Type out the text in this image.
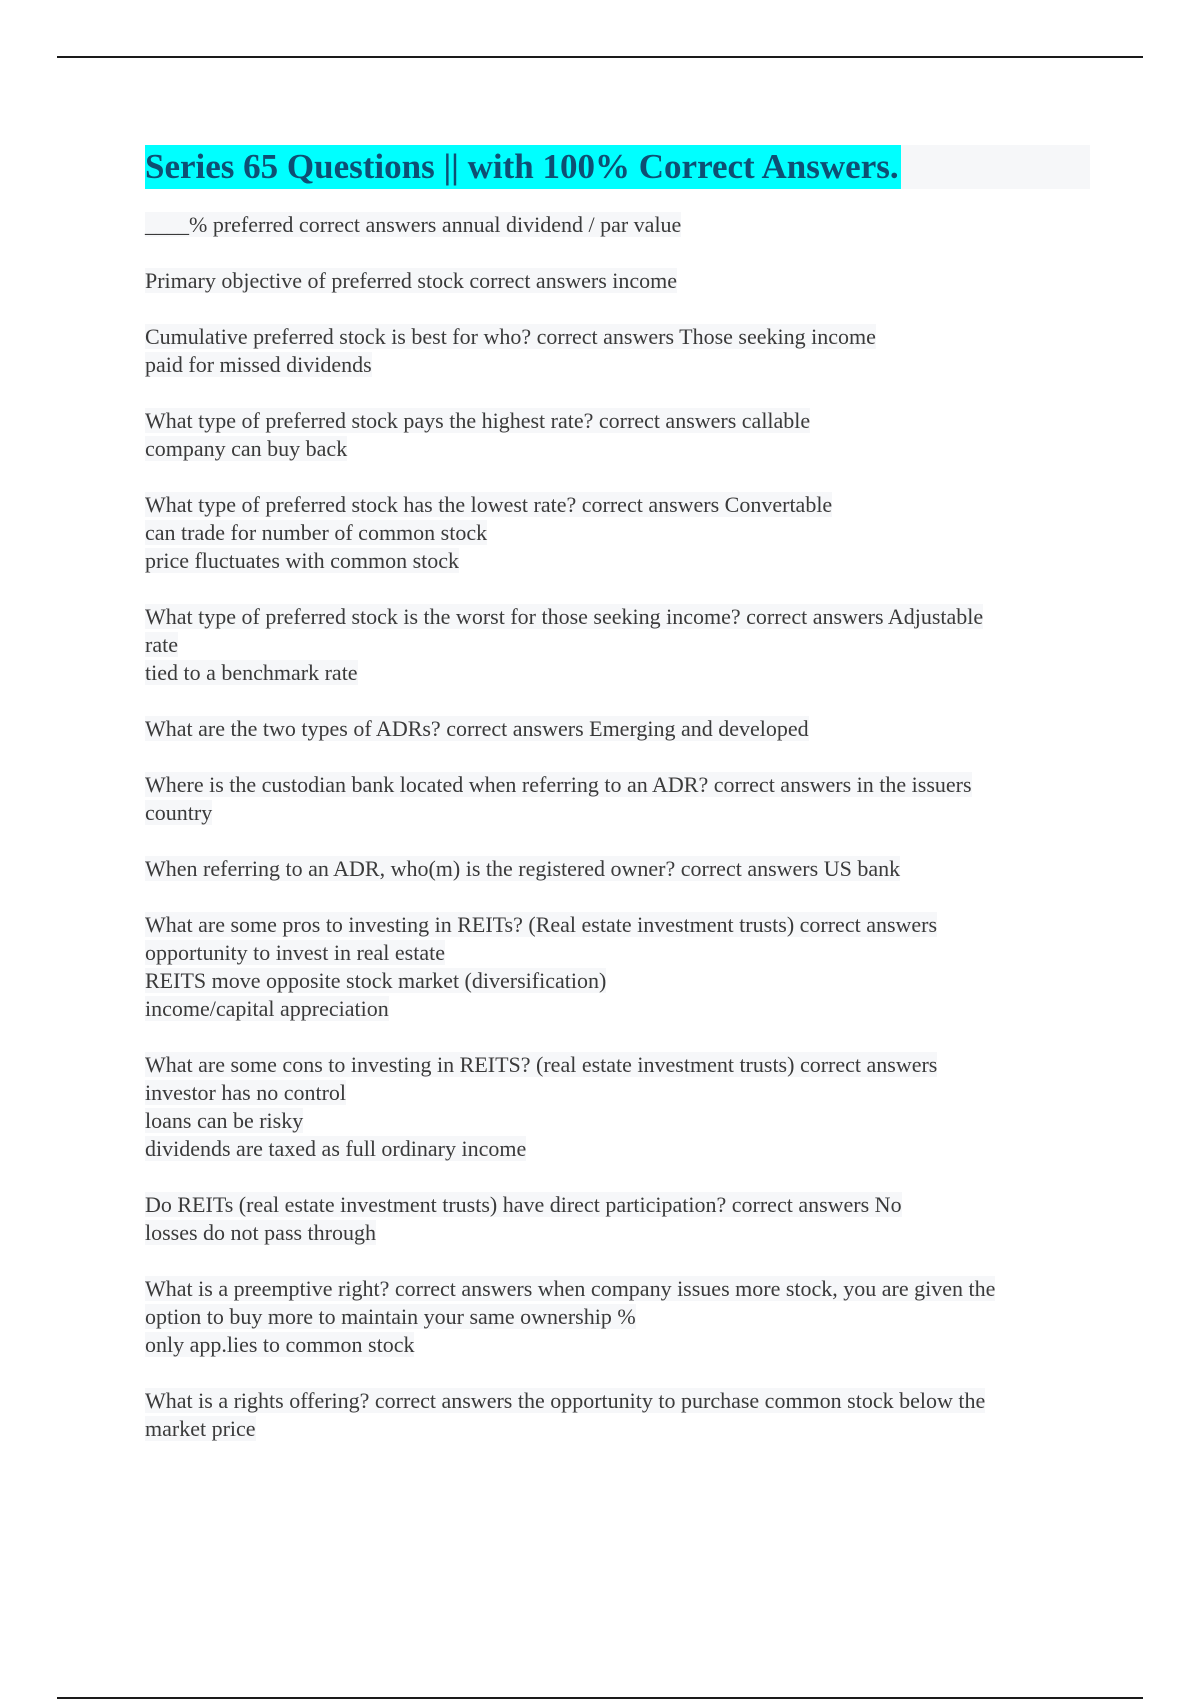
Series 65 Questions || with 100% Correct Answers.
____% preferred correct answers annual dividend / par value
Primary objective of preferred stock correct answers income
Cumulative preferred stock is best for who? correct answers Those seeking income
paid for missed dividends
What type of preferred stock pays the highest rate? correct answers callable
company can buy back
What type of preferred stock has the lowest rate? correct answers Convertable
can trade for number of common stock
price fluctuates with common stock
What type of preferred stock is the worst for those seeking income? correct answers Adjustable
rate
tied to a benchmark rate
What are the two types of ADRs? correct answers Emerging and developed
Where is the custodian bank located when referring to an ADR? correct answers in the issuers
country
When referring to an ADR, who(m) is the registered owner? correct answers US bank
What are some pros to investing in REITs? (Real estate investment trusts) correct answers
opportunity to invest in real estate
REITS move opposite stock market (diversification)
income/capital appreciation
What are some cons to investing in REITS? (real estate investment trusts) correct answers
investor has no control
loans can be risky
dividends are taxed as full ordinary income
Do REITs (real estate investment trusts) have direct participation? correct answers No
losses do not pass through
What is a preemptive right? correct answers when company issues more stock, you are given the
option to buy more to maintain your same ownership %
only app.lies to common stock
What is a rights offering? correct answers the opportunity to purchase common stock below the
market price
